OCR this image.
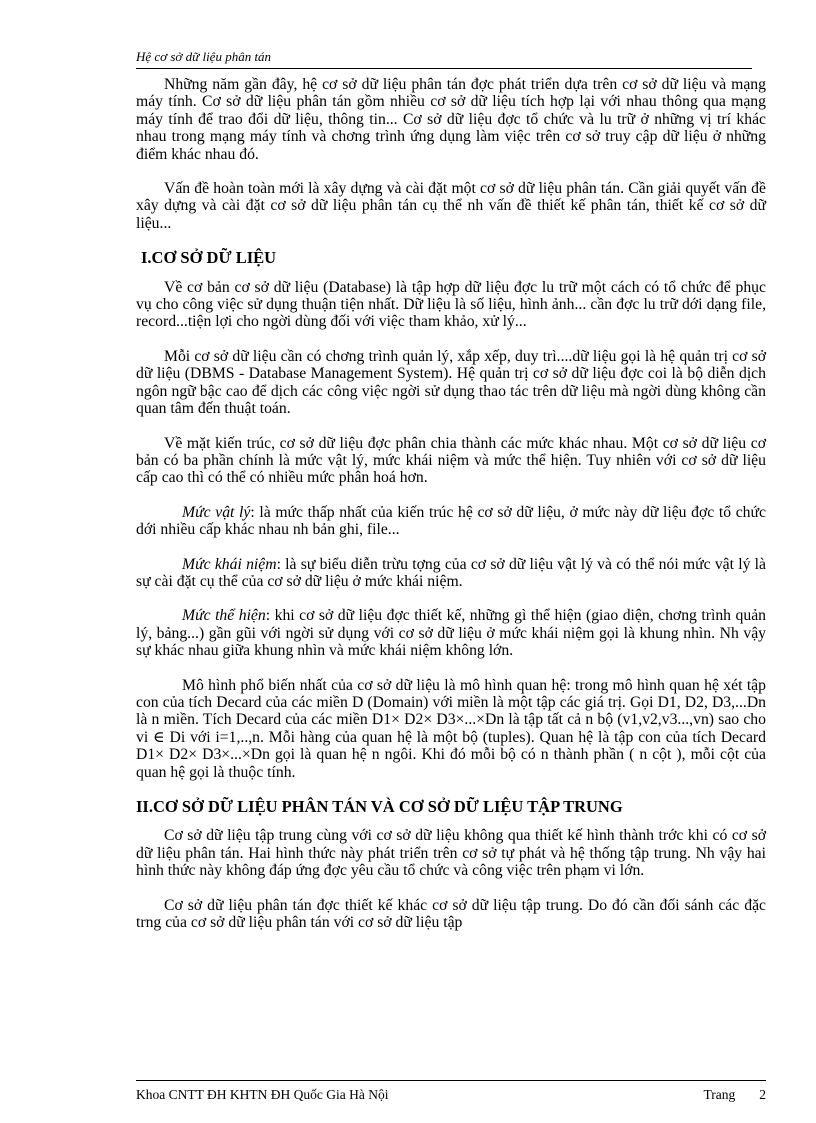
Hệ cơ sở dữ liệu phân tán

Những năm gần đây, hệ cơ sở dữ liệu phân tán đợc phát triển dựa trên cơ sở dữ liệu và mạng máy tính. Cơ sở dữ liệu phân tán gồm nhiều cơ sở dữ liệu tích hợp lại với nhau thông qua mạng máy tính để trao đổi dữ liệu, thông tin... Cơ sở dữ liệu đợc tổ chức và lu trữ ở những vị trí khác nhau trong mạng máy tính và chơng trình ứng dụng làm việc trên cơ sở truy cập dữ liệu ở những điểm khác nhau đó.

Vấn đề hoàn toàn mới là xây dựng và cài đặt một cơ sở dữ liệu phân tán. Cần giải quyết vấn đề xây dựng và cài đặt cơ sở dữ liệu phân tán cụ thể nh vấn đề thiết kế phân tán, thiết kế cơ sở dữ liệu...

I.CƠ SỞ DỮ LIỆU

Về cơ bản cơ sở dữ liệu (Database) là tập hợp dữ liệu đợc lu trữ một cách có tổ chức để phục vụ cho công việc sử dụng thuận tiện nhất. Dữ liệu là số liệu, hình ảnh... cần đợc lu trữ dới dạng file, record...tiện lợi cho ngời dùng đối với việc tham khảo, xử lý...

Mỗi cơ sở dữ liệu cần có chơng trình quản lý, xắp xếp, duy trì....dữ liệu gọi là hệ quản trị cơ sở dữ liệu (DBMS - Database Management System). Hệ quản trị cơ sở dữ liệu đợc coi là bộ diễn dịch ngôn ngữ bậc cao để dịch các công việc ngời sử dụng thao tác trên dữ liệu mà ngời dùng không cần quan tâm đến thuật toán.

Về mặt kiến trúc, cơ sở dữ liệu đợc phân chia thành các mức khác nhau. Một cơ sở dữ liệu cơ bản có ba phần chính là mức vật lý, mức khái niệm và mức thể hiện. Tuy nhiên với cơ sở dữ liệu cấp cao thì có thể có nhiều mức phân hoá hơn.

Mức vật lý: là mức thấp nhất của kiến trúc hệ cơ sở dữ liệu, ở mức này dữ liệu đợc tổ chức dới nhiều cấp khác nhau nh bản ghi, file...

Mức khái niệm: là sự biểu diễn trừu tợng của cơ sở dữ liệu vật lý và có thể nói mức vật lý là sự cài đặt cụ thể của cơ sở dữ liệu ở mức khái niệm.

Mức thể hiện: khi cơ sở dữ liệu đợc thiết kế, những gì thể hiện (giao diện, chơng trình quản lý, bảng...) gần gũi với ngời sử dụng với cơ sở dữ liệu ở mức khái niệm gọi là khung nhìn. Nh vậy sự khác nhau giữa khung nhìn và mức khái niệm không lớn.

Mô hình phổ biến nhất của cơ sở dữ liệu là mô hình quan hệ: trong mô hình quan hệ xét tập con của tích Decard của các miền D (Domain) với miền là một tập các giá trị. Gọi D1, D2, D3,...Dn là n miền. Tích Decard của các miền D1× D2× D3×...×Dn là tập tất cả n bộ (v1,v2,v3...,vn) sao cho vi ∈ Di với i=1,..,n. Mỗi hàng của quan hệ là một bộ (tuples). Quan hệ là tập con của tích Decard D1× D2× D3×...×Dn gọi là quan hệ n ngôi. Khi đó mỗi bộ có n thành phần ( n cột ), mỗi cột của quan hệ gọi là thuộc tính.

II.CƠ SỞ DỮ LIỆU PHÂN TÁN VÀ CƠ SỞ DỮ LIỆU TẬP TRUNG

Cơ sở dữ liệu tập trung cùng với cơ sở dữ liệu không qua thiết kế hình thành trớc khi có cơ sở dữ liệu phân tán. Hai hình thức này phát triển trên cơ sở tự phát và hệ thống tập trung. Nh vậy hai hình thức này không đáp ứng đợc yêu cầu tổ chức và công việc trên phạm vi lớn.

Cơ sở dữ liệu phân tán đợc thiết kế khác cơ sở dữ liệu tập trung. Do đó cần đối sánh các đặc trng của cơ sở dữ liệu phân tán với cơ sở dữ liệu tập

Khoa CNTT ĐH KHTN ĐH Quốc Gia Hà Nội	Trang 2
